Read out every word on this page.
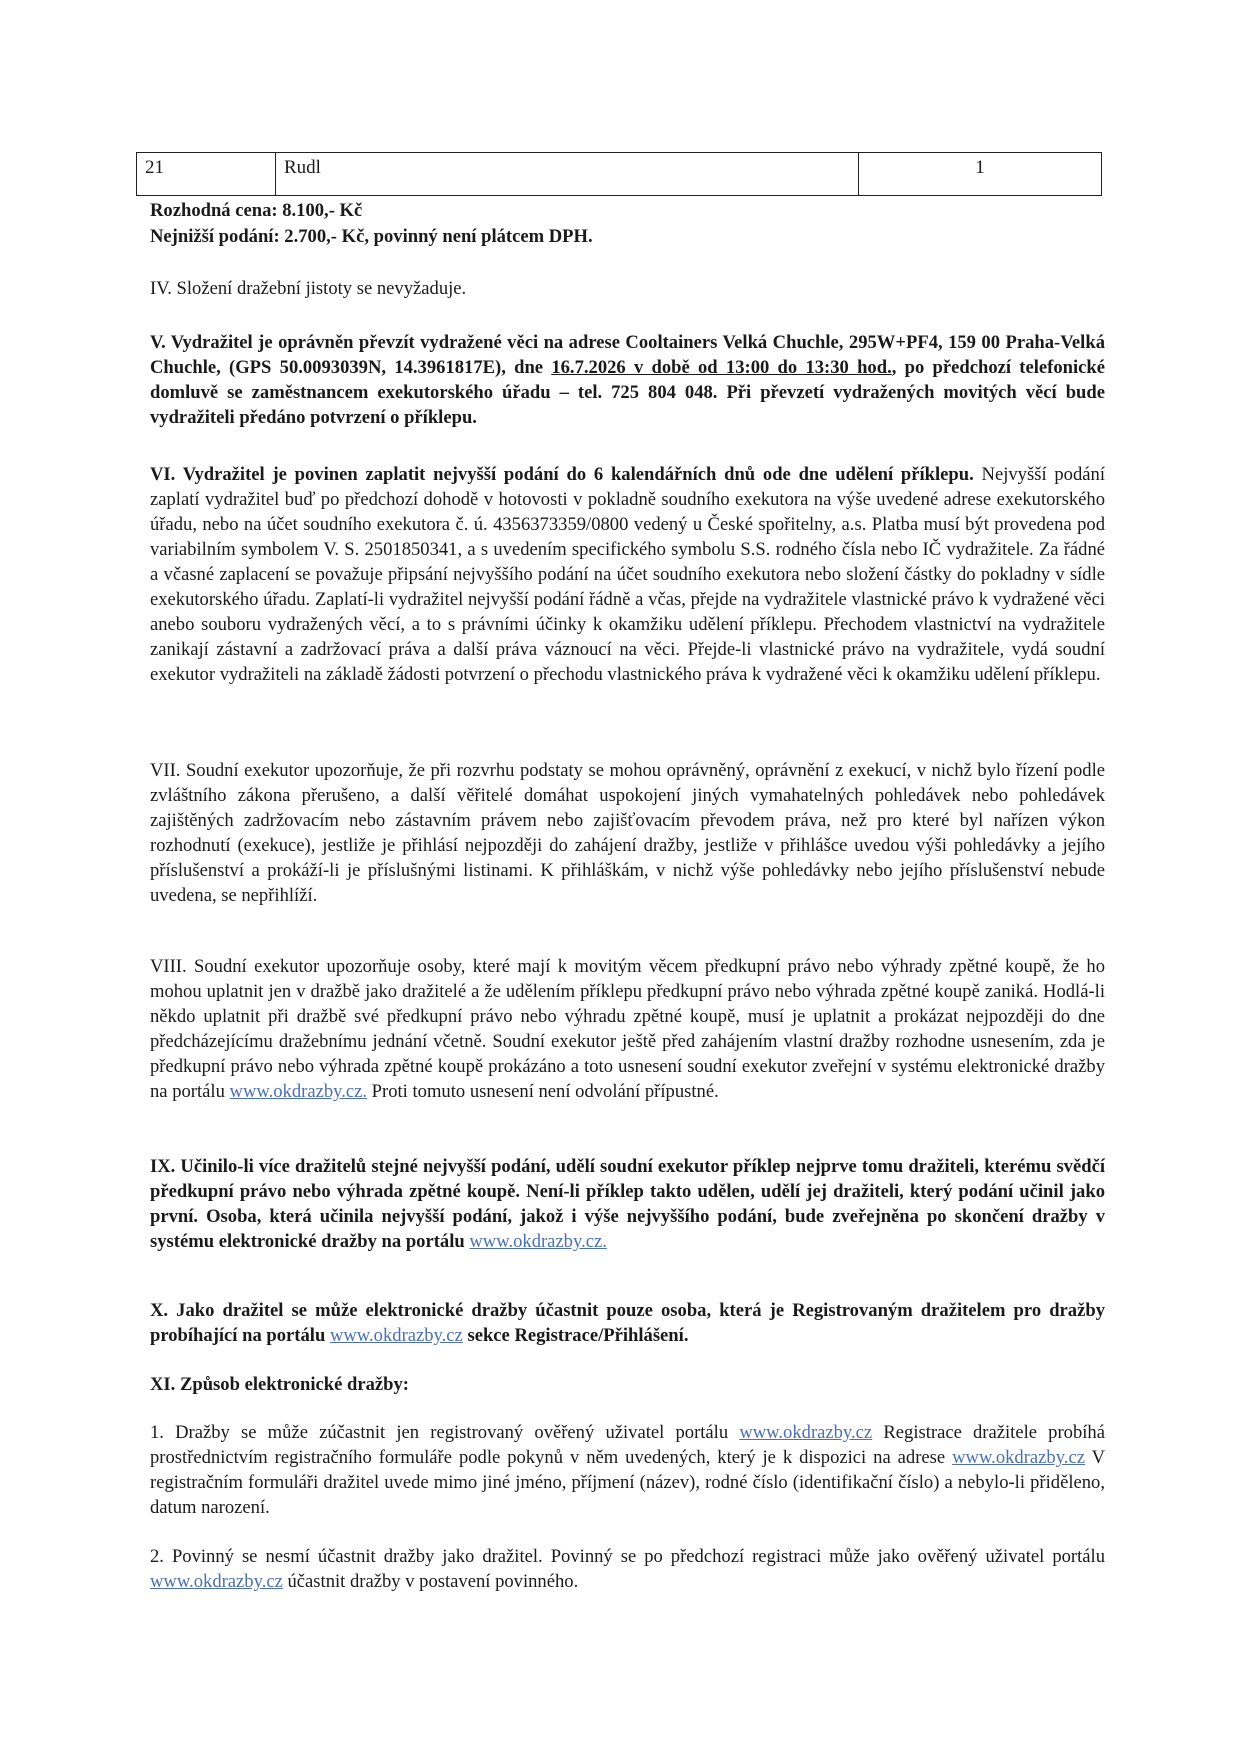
21	Rudl	1

Rozhodná cena: 8.100,- Kč

Nejnižší podání: 2.700,- Kč, povinný není plátcem DPH.

IV. Složení dražební jistoty se nevyžaduje.

V. Vydražitel je oprávněn převzít vydražené věci na adrese Cooltainers Velká Chuchle, 295W+PF4, 159 00 Praha-Velká Chuchle, (GPS 50.0093039N, 14.3961817E), dne 16.7.2026 v době od 13:00 do 13:30 hod., po předchozí telefonické domluvě se zaměstnancem exekutorského úřadu – tel. 725 804 048. Při převzetí vydražených movitých věcí bude vydražiteli předáno potvrzení o příklepu.

VI. Vydražitel je povinen zaplatit nejvyšší podání do 6 kalendářních dnů ode dne udělení příklepu. Nejvyšší podání zaplatí vydražitel buď po předchozí dohodě v hotovosti v pokladně soudního exekutora na výše uvedené adrese exekutorského úřadu, nebo na účet soudního exekutora č. ú. 4356373359/0800 vedený u České spořitelny, a.s. Platba musí být provedena pod variabilním symbolem V. S. 2501850341, a s uvedením specifického symbolu S.S. rodného čísla nebo IČ vydražitele. Za řádné a včasné zaplacení se považuje připsání nejvyššího podání na účet soudního exekutora nebo složení částky do pokladny v sídle exekutorského úřadu. Zaplatí-li vydražitel nejvyšší podání řádně a včas, přejde na vydražitele vlastnické právo k vydražené věci anebo souboru vydražených věcí, a to s právními účinky k okamžiku udělení příklepu. Přechodem vlastnictví na vydražitele zanikají zástavní a zadržovací práva a další práva váznoucí na věci. Přejde-li vlastnické právo na vydražitele, vydá soudní exekutor vydražiteli na základě žádosti potvrzení o přechodu vlastnického práva k vydražené věci k okamžiku udělení příklepu.

VII. Soudní exekutor upozorňuje, že při rozvrhu podstaty se mohou oprávněný, oprávnění z exekucí, v nichž bylo řízení podle zvláštního zákona přerušeno, a další věřitelé domáhat uspokojení jiných vymahatelných pohledávek nebo pohledávek zajištěných zadržovacím nebo zástavním právem nebo zajišťovacím převodem práva, než pro které byl nařízen výkon rozhodnutí (exekuce), jestliže je přihlásí nejpozději do zahájení dražby, jestliže v přihlášce uvedou výši pohledávky a jejího příslušenství a prokáží-li je příslušnými listinami. K přihláškám, v nichž výše pohledávky nebo jejího příslušenství nebude uvedena, se nepřihlíží.

VIII. Soudní exekutor upozorňuje osoby, které mají k movitým věcem předkupní právo nebo výhrady zpětné koupě, že ho mohou uplatnit jen v dražbě jako dražitelé a že udělením příklepu předkupní právo nebo výhrada zpětné koupě zaniká. Hodlá-li někdo uplatnit při dražbě své předkupní právo nebo výhradu zpětné koupě, musí je uplatnit a prokázat nejpozději do dne předcházejícímu dražebnímu jednání včetně. Soudní exekutor ještě před zahájením vlastní dražby rozhodne usnesením, zda je předkupní právo nebo výhrada zpětné koupě prokázáno a toto usnesení soudní exekutor zveřejní v systému elektronické dražby na portálu www.okdrazby.cz. Proti tomuto usnesení není odvolání přípustné.

IX. Učinilo-li více dražitelů stejné nejvyšší podání, udělí soudní exekutor příklep nejprve tomu dražiteli, kterému svědčí předkupní právo nebo výhrada zpětné koupě. Není-li příklep takto udělen, udělí jej dražiteli, který podání učinil jako první. Osoba, která učinila nejvyšší podání, jakož i výše nejvyššího podání, bude zveřejněna po skončení dražby v systému elektronické dražby na portálu www.okdrazby.cz.

X. Jako dražitel se může elektronické dražby účastnit pouze osoba, která je Registrovaným dražitelem pro dražby probíhající na portálu www.okdrazby.cz sekce Registrace/Přihlášení.

XI. Způsob elektronické dražby:

1. Dražby se může zúčastnit jen registrovaný ověřený uživatel portálu www.okdrazby.cz Registrace dražitele probíhá prostřednictvím registračního formuláře podle pokynů v něm uvedených, který je k dispozici na adrese www.okdrazby.cz V registračním formuláři dražitel uvede mimo jiné jméno, příjmení (název), rodné číslo (identifikační číslo) a nebylo-li přiděleno, datum narození.

2. Povinný se nesmí účastnit dražby jako dražitel. Povinný se po předchozí registraci může jako ověřený uživatel portálu www.okdrazby.cz účastnit dražby v postavení povinného.
